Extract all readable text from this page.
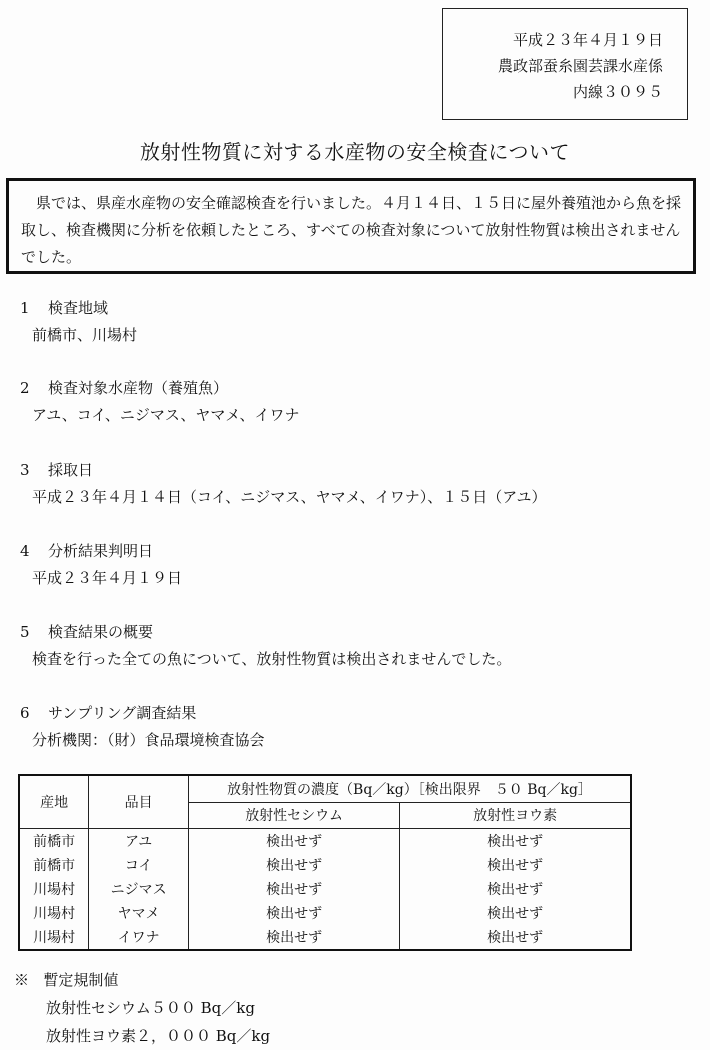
平成２３年４月１９日
農政部蚕糸園芸課水産係
内線３０９５
放射性物質に対する水産物の安全検査について
県では、県産水産物の安全確認検査を行いました。４月１４日、１５日に屋外養殖池から魚を採取し、検査機関に分析を依頼したところ、すべての検査対象について放射性物質は検出されませんでした。
1 検査地域
前橋市、川場村
2 検査対象水産物（養殖魚）
アユ、コイ、ニジマス、ヤマメ、イワナ
3 採取日
平成２３年４月１４日（コイ、ニジマス、ヤマメ、イワナ）、１５日（アユ）
4 分析結果判明日
平成２３年４月１９日
5 検査結果の概要
検査を行った全ての魚について、放射性物質は検出されませんでした。
6 サンプリング調査結果
分析機関：（財）食品環境検査協会
産地	品目	放射性物質の濃度（Bq／kg）［検出限界　５０ Bq／kg］	
		放射性セシウム	放射性ヨウ素
前橋市	アユ	検出せず	検出せず
前橋市	コイ	検出せず	検出せず
川場村	ニジマス	検出せず	検出せず
川場村	ヤマメ	検出せず	検出せず
川場村	イワナ	検出せず	検出せず
※ 暫定規制値
放射性セシウム５００ Bq／kg
放射性ヨウ素２，０００ Bq／kg
